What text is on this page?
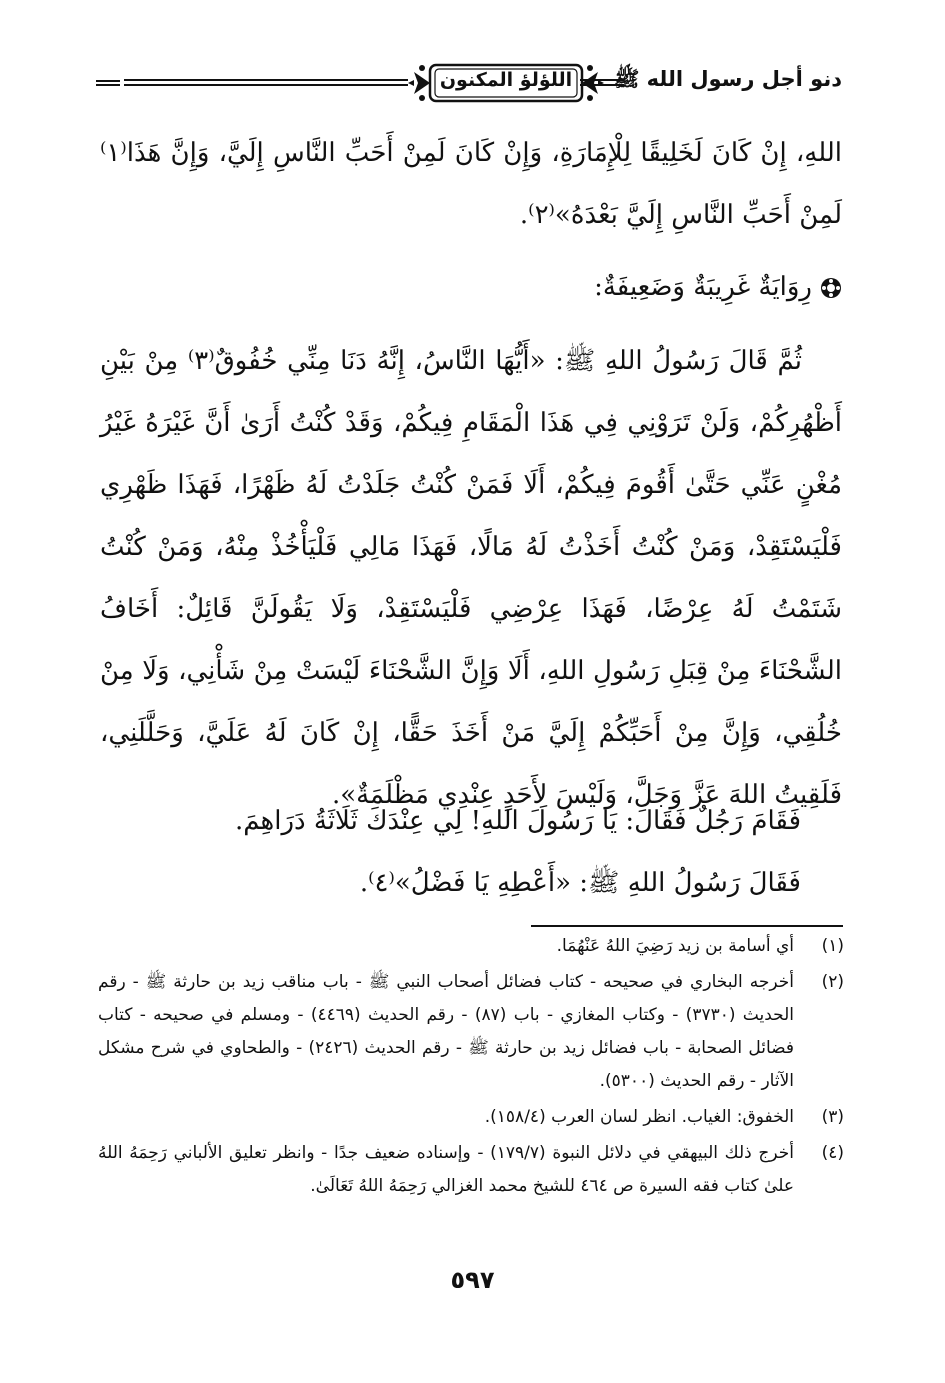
دنو أجل رسول الله ﷺ
اللؤلؤ المكنون
اللهِ، إِنْ كَانَ لَخَلِيقًا لِلْإِمَارَةِ، وَإِنْ كَانَ لَمِنْ أَحَبِّ النَّاسِ إِلَيَّ، وَإِنَّ هَذَا⁽١⁾ لَمِنْ أَحَبِّ النَّاسِ إِلَيَّ بَعْدَهُ»⁽٢⁾.
رِوَايَةٌ غَرِيبَةٌ وَضَعِيفَةٌ:
ثُمَّ قَالَ رَسُولُ اللهِ ﷺ: «أَيُّهَا النَّاسُ، إِنَّهُ دَنَا مِنِّي خُفُوقٌ⁽٣⁾ مِنْ بَيْنِ أَظْهُرِكُمْ، وَلَنْ تَرَوْنِي فِي هَذَا الْمَقَامِ فِيكُمْ، وَقَدْ كُنْتُ أَرَىٰ أَنَّ غَيْرَهُ غَيْرُ مُغْنٍ عَنِّي حَتَّىٰ أَقُومَ فِيكُمْ، أَلَا فَمَنْ كُنْتُ جَلَدْتُ لَهُ ظَهْرًا، فَهَذَا ظَهْرِي فَلْيَسْتَقِدْ، وَمَنْ كُنْتُ أَخَذْتُ لَهُ مَالًا، فَهَذَا مَالِي فَلْيَأْخُذْ مِنْهُ، وَمَنْ كُنْتُ شَتَمْتُ لَهُ عِرْضًا، فَهَذَا عِرْضِي فَلْيَسْتَقِدْ، وَلَا يَقُولَنَّ قَائِلٌ: أَخَافُ الشَّحْنَاءَ مِنْ قِبَلِ رَسُولِ اللهِ، أَلَا وَإِنَّ الشَّحْنَاءَ لَيْسَتْ مِنْ شَأْنِي، وَلَا مِنْ خُلُقِي، وَإِنَّ مِنْ أَحَبِّكُمْ إِلَيَّ مَنْ أَخَذَ حَقًّا، إِنْ كَانَ لَهُ عَلَيَّ، وَحَلَّلَنِي، فَلَقِيتُ اللهَ عَزَّ وَجَلَّ، وَلَيْسَ لِأَحَدٍ عِنْدِي مَظْلَمَةٌ».
فَقَامَ رَجُلٌ فَقَالَ: يَا رَسُولَ اللهِ! لِي عِنْدَكَ ثَلَاثَةُ دَرَاهِمَ.
فَقَالَ رَسُولُ اللهِ ﷺ: «أَعْطِهِ يَا فَضْلُ»⁽٤⁾.
(١)
أي أسامة بن زيد رَضِيَ اللهُ عَنْهُمَا.
(٢)
أخرجه البخاري في صحيحه - كتاب فضائل أصحاب النبي ﷺ - باب مناقب زيد بن حارثة ﷺ - رقم الحديث (٣٧٣٠) - وكتاب المغازي - باب (٨٧) - رقم الحديث (٤٤٦٩) - ومسلم في صحيحه - كتاب فضائل الصحابة - باب فضائل زيد بن حارثة ﷺ - رقم الحديث (٢٤٢٦) - والطحاوي في شرح مشكل الآثار - رقم الحديث (٥٣٠٠).
(٣)
الخفوق: الغياب. انظر لسان العرب (١٥٨/٤).
(٤)
أخرج ذلك البيهقي في دلائل النبوة (١٧٩/٧) - وإسناده ضعيف جدًا - وانظر تعليق الألباني رَحِمَهُ اللهُ علىٰ كتاب فقه السيرة ص ٤٦٤ للشيخ محمد الغزالي رَحِمَهُ اللهُ تَعَالَىٰ.
٥٩٧
